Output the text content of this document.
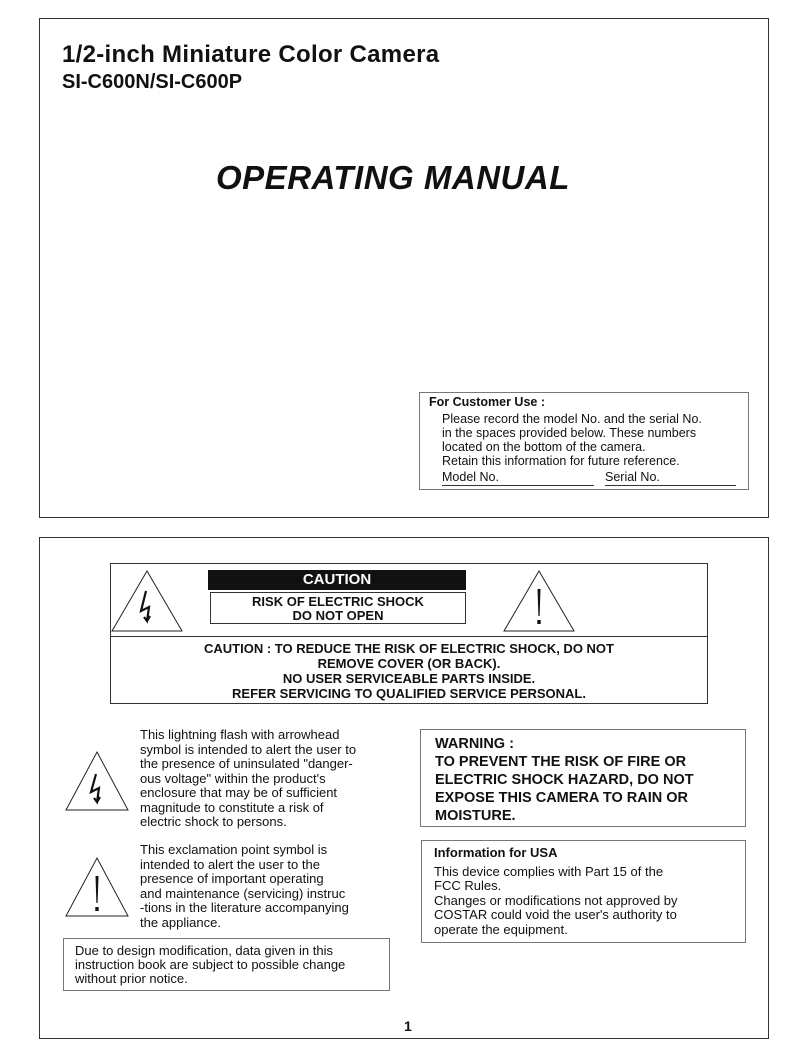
1/2-inch Miniature Color Camera
SI-C600N/SI-C600P
OPERATING MANUAL
For Customer Use :
Please record the model No. and the serial No.
in the spaces provided below. These numbers
located on the bottom of the camera.
Retain this information for future reference.
Model No.	Serial No.
CAUTION
RISK OF ELECTRIC SHOCK
DO NOT OPEN
CAUTION : TO REDUCE THE RISK OF ELECTRIC SHOCK, DO NOT
REMOVE COVER (OR BACK).
NO USER SERVICEABLE PARTS INSIDE.
REFER SERVICING TO QUALIFIED SERVICE PERSONAL.
This lightning flash with arrowhead
symbol is intended to alert the user to
the presence of uninsulated "danger-
ous voltage" within the product's
enclosure that may be of sufficient
magnitude to constitute a risk of
electric shock to persons.
This exclamation point symbol is
intended to alert the user to the
presence of important operating
and maintenance (servicing) instruc
-tions in the literature accompanying
the appliance.
Due to design modification, data given in this
instruction book are subject to possible change
without prior notice.
WARNING :
TO PREVENT THE RISK OF FIRE OR
ELECTRIC SHOCK HAZARD, DO NOT
EXPOSE THIS CAMERA TO RAIN OR
MOISTURE.
Information for USA
This device complies with Part 15 of the
FCC Rules.
Changes or modifications not approved by
COSTAR could void the user's authority to
operate the equipment.
1
